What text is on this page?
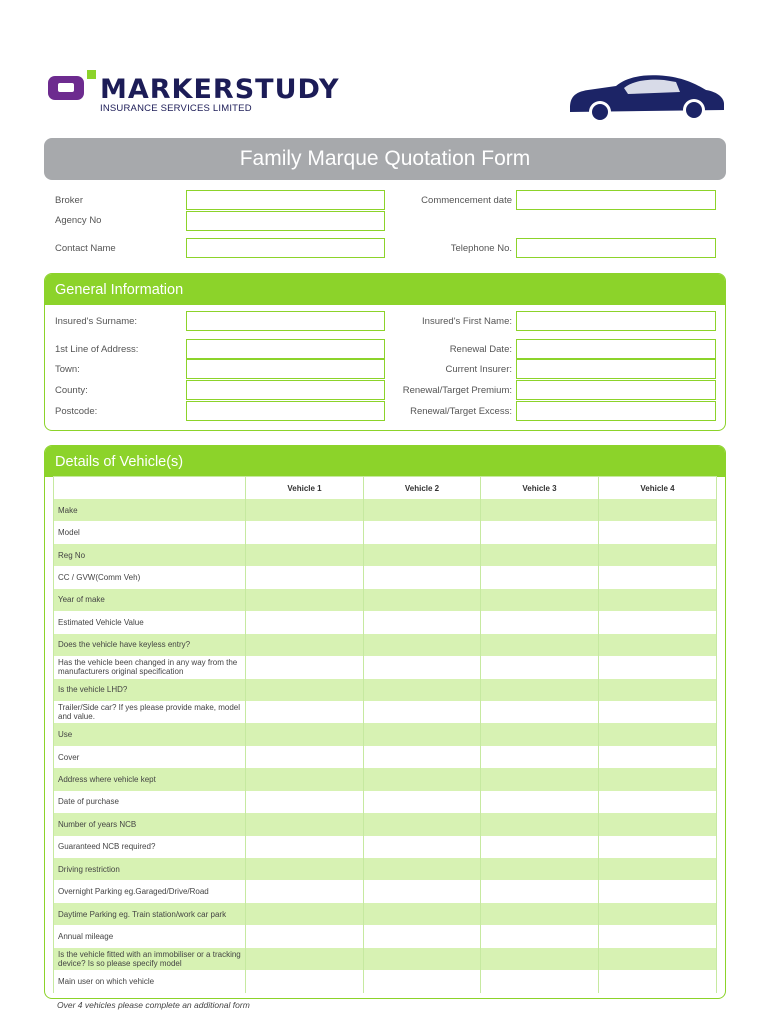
MARKERSTUDY
INSURANCE SERVICES LIMITED
Family Marque Quotation Form
Broker	Commencement date
Agency No
Contact Name	Telephone No.
General Information
Insured's Surname:	Insured's First Name:
1st Line of Address:	Renewal Date:
Town:	Current Insurer:
County:	Renewal/Target Premium:
Postcode:	Renewal/Target Excess:
Details of Vehicle(s)
	Vehicle 1	Vehicle 2	Vehicle 3	Vehicle 4
Make				
Model				
Reg No				
CC / GVW(Comm Veh)				
Year of make				
Estimated Vehicle Value				
Does the vehicle have keyless entry?				
Has the vehicle been changed in any way from the manufacturers original specification				
Is the vehicle LHD?				
Trailer/Side car? If yes please provide make, model and value.				
Use				
Cover				
Address where vehicle kept				
Date of purchase				
Number of years NCB				
Guaranteed NCB required?				
Driving restriction				
Overnight Parking eg.Garaged/Drive/Road				
Daytime Parking eg. Train station/work car park				
Annual mileage				
Is the vehicle fitted with an immobiliser or a tracking device? Is so please specify model				
Main user on which vehicle				
Over 4 vehicles please complete an additional form
